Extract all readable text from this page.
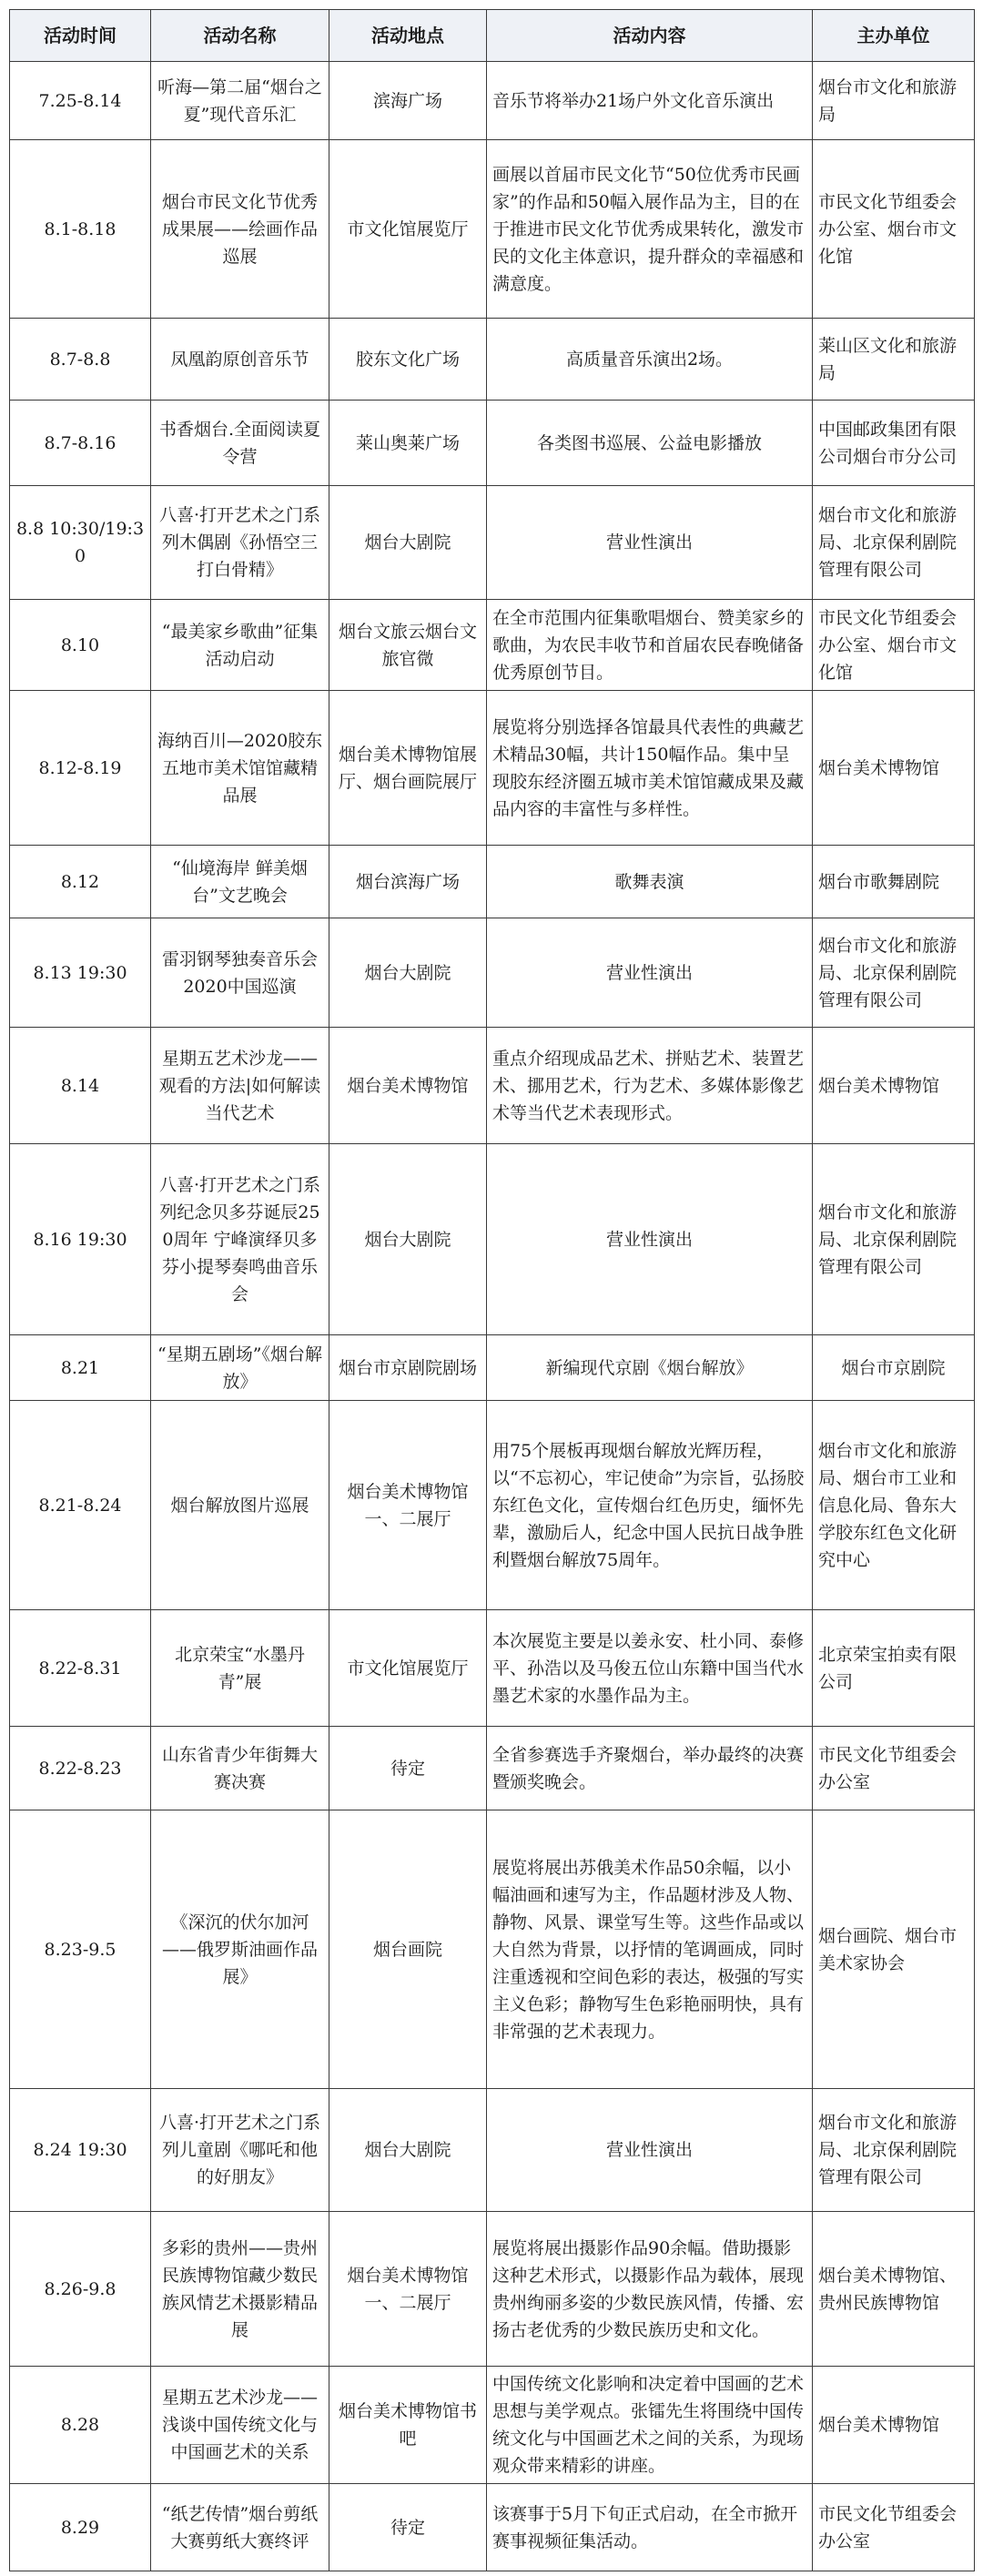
活动时间	活动名称	活动地点	活动内容	主办单位
7.25-8.14	听海—第二届“烟台之夏”现代音乐汇	滨海广场	音乐节将举办21场户外文化音乐演出	烟台市文化和旅游局
8.1-8.18	烟台市民文化节优秀成果展——绘画作品巡展	市文化馆展览厅	画展以首届市民文化节“50位优秀市民画家”的作品和50幅入展作品为主，目的在于推进市民文化节优秀成果转化，激发市民的文化主体意识，提升群众的幸福感和满意度。	市民文化节组委会办公室、烟台市文化馆
8.7-8.8	凤凰韵原创音乐节	胶东文化广场	高质量音乐演出2场。	莱山区文化和旅游局
8.7-8.16	书香烟台.全面阅读夏令营	莱山奥莱广场	各类图书巡展、公益电影播放	中国邮政集团有限公司烟台市分公司
8.8 10:30/19:30	八喜·打开艺术之门系列木偶剧《孙悟空三打白骨精》	烟台大剧院	营业性演出	烟台市文化和旅游局、北京保利剧院管理有限公司
8.10	“最美家乡歌曲”征集活动启动	烟台文旅云烟台文旅官微	在全市范围内征集歌唱烟台、赞美家乡的歌曲，为农民丰收节和首届农民春晚储备优秀原创节目。	市民文化节组委会办公室、烟台市文化馆
8.12-8.19	海纳百川—2020胶东五地市美术馆馆藏精品展	烟台美术博物馆展厅、烟台画院展厅	展览将分别选择各馆最具代表性的典藏艺术精品30幅，共计150幅作品。集中呈现胶东经济圈五城市美术馆馆藏成果及藏品内容的丰富性与多样性。	烟台美术博物馆
8.12	“仙境海岸 鲜美烟台”文艺晚会	烟台滨海广场	歌舞表演	烟台市歌舞剧院
8.13 19:30	雷羽钢琴独奏音乐会2020中国巡演	烟台大剧院	营业性演出	烟台市文化和旅游局、北京保利剧院管理有限公司
8.14	星期五艺术沙龙——观看的方法|如何解读当代艺术	烟台美术博物馆	重点介绍现成品艺术、拼贴艺术、装置艺术、挪用艺术，行为艺术、多媒体影像艺术等当代艺术表现形式。	烟台美术博物馆
8.16 19:30	八喜·打开艺术之门系列纪念贝多芬诞辰250周年 宁峰演绎贝多芬小提琴奏鸣曲音乐会	烟台大剧院	营业性演出	烟台市文化和旅游局、北京保利剧院管理有限公司
8.21	“星期五剧场”《烟台解放》	烟台市京剧院剧场	新编现代京剧《烟台解放》	烟台市京剧院
8.21-8.24	烟台解放图片巡展	烟台美术博物馆一、二展厅	用75个展板再现烟台解放光辉历程，以“不忘初心，牢记使命”为宗旨，弘扬胶东红色文化，宣传烟台红色历史，缅怀先辈，激励后人，纪念中国人民抗日战争胜利暨烟台解放75周年。	烟台市文化和旅游局、烟台市工业和信息化局、鲁东大学胶东红色文化研究中心
8.22-8.31	北京荣宝“水墨丹青”展	市文化馆展览厅	本次展览主要是以姜永安、杜小同、泰修平、孙浩以及马俊五位山东籍中国当代水墨艺术家的水墨作品为主。	北京荣宝拍卖有限公司
8.22-8.23	山东省青少年街舞大赛决赛	待定	全省参赛选手齐聚烟台，举办最终的决赛暨颁奖晚会。	市民文化节组委会办公室
8.23-9.5	《深沉的伏尔加河——俄罗斯油画作品展》	烟台画院	展览将展出苏俄美术作品50余幅，以小幅油画和速写为主，作品题材涉及人物、静物、风景、课堂写生等。这些作品或以大自然为背景，以抒情的笔调画成，同时注重透视和空间色彩的表达，极强的写实主义色彩；静物写生色彩艳丽明快，具有非常强的艺术表现力。	烟台画院、烟台市美术家协会
8.24 19:30	八喜·打开艺术之门系列儿童剧《哪吒和他的好朋友》	烟台大剧院	营业性演出	烟台市文化和旅游局、北京保利剧院管理有限公司
8.26-9.8	多彩的贵州——贵州民族博物馆藏少数民族风情艺术摄影精品展	烟台美术博物馆一、二展厅	展览将展出摄影作品90余幅。借助摄影这种艺术形式，以摄影作品为载体，展现贵州绚丽多姿的少数民族风情，传播、宏扬古老优秀的少数民族历史和文化。	烟台美术博物馆、贵州民族博物馆
8.28	星期五艺术沙龙——浅谈中国传统文化与中国画艺术的关系	烟台美术博物馆书吧	中国传统文化影响和决定着中国画的艺术思想与美学观点。张镭先生将围绕中国传统文化与中国画艺术之间的关系，为现场观众带来精彩的讲座。	烟台美术博物馆
8.29	“纸艺传情”烟台剪纸大赛剪纸大赛终评	待定	该赛事于5月下旬正式启动，在全市掀开赛事视频征集活动。	市民文化节组委会办公室
